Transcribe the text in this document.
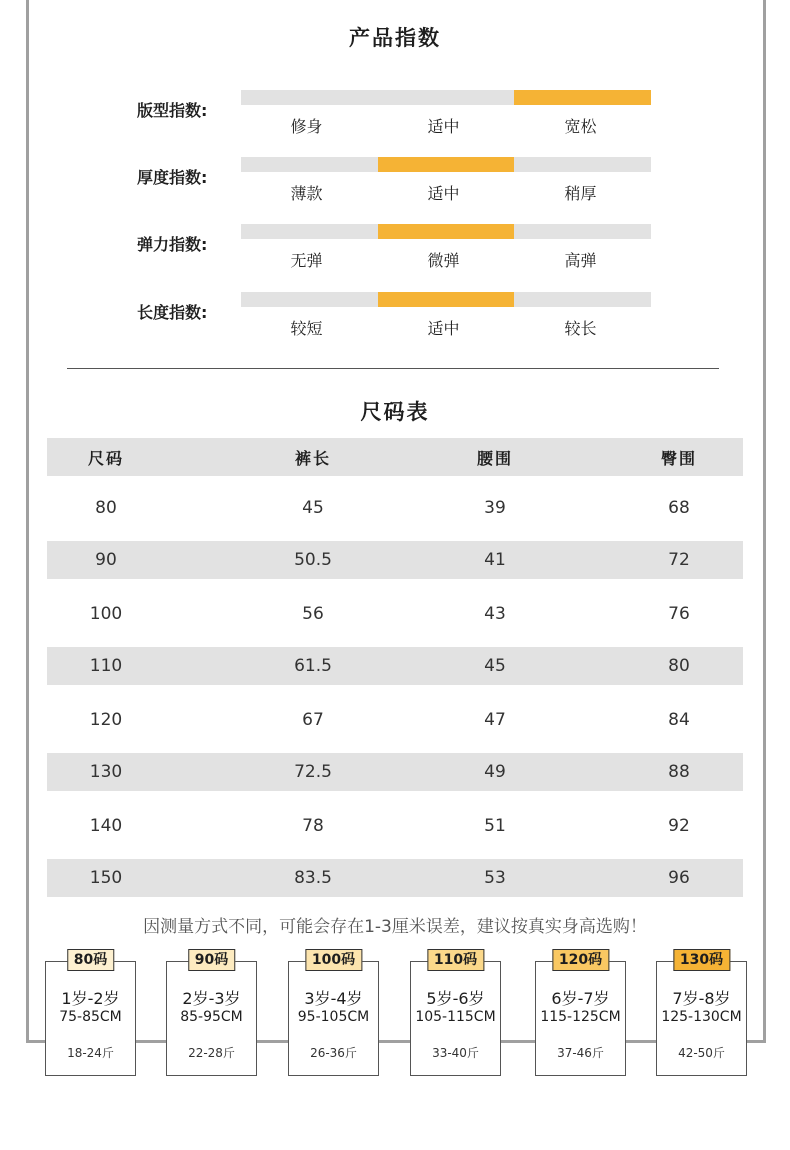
产品指数
版型指数:
修身	适中	宽松
厚度指数:
薄款	适中	稍厚
弹力指数:
无弹	微弹	高弹
长度指数:
较短	适中	较长
尺码表
尺码	裤长	腰围	臀围
80	45	39	68
90	50.5	41	72
100	56	43	76
110	61.5	45	80
120	67	47	84
130	72.5	49	88
140	78	51	92
150	83.5	53	96
因测量方式不同，可能会存在1-3厘米误差，建议按真实身高选购！
80码
1岁-2岁
75-85CM
18-24斤
90码
2岁-3岁
85-95CM
22-28斤
100码
3岁-4岁
95-105CM
26-36斤
110码
5岁-6岁
105-115CM
33-40斤
120码
6岁-7岁
115-125CM
37-46斤
130码
7岁-8岁
125-130CM
42-50斤
